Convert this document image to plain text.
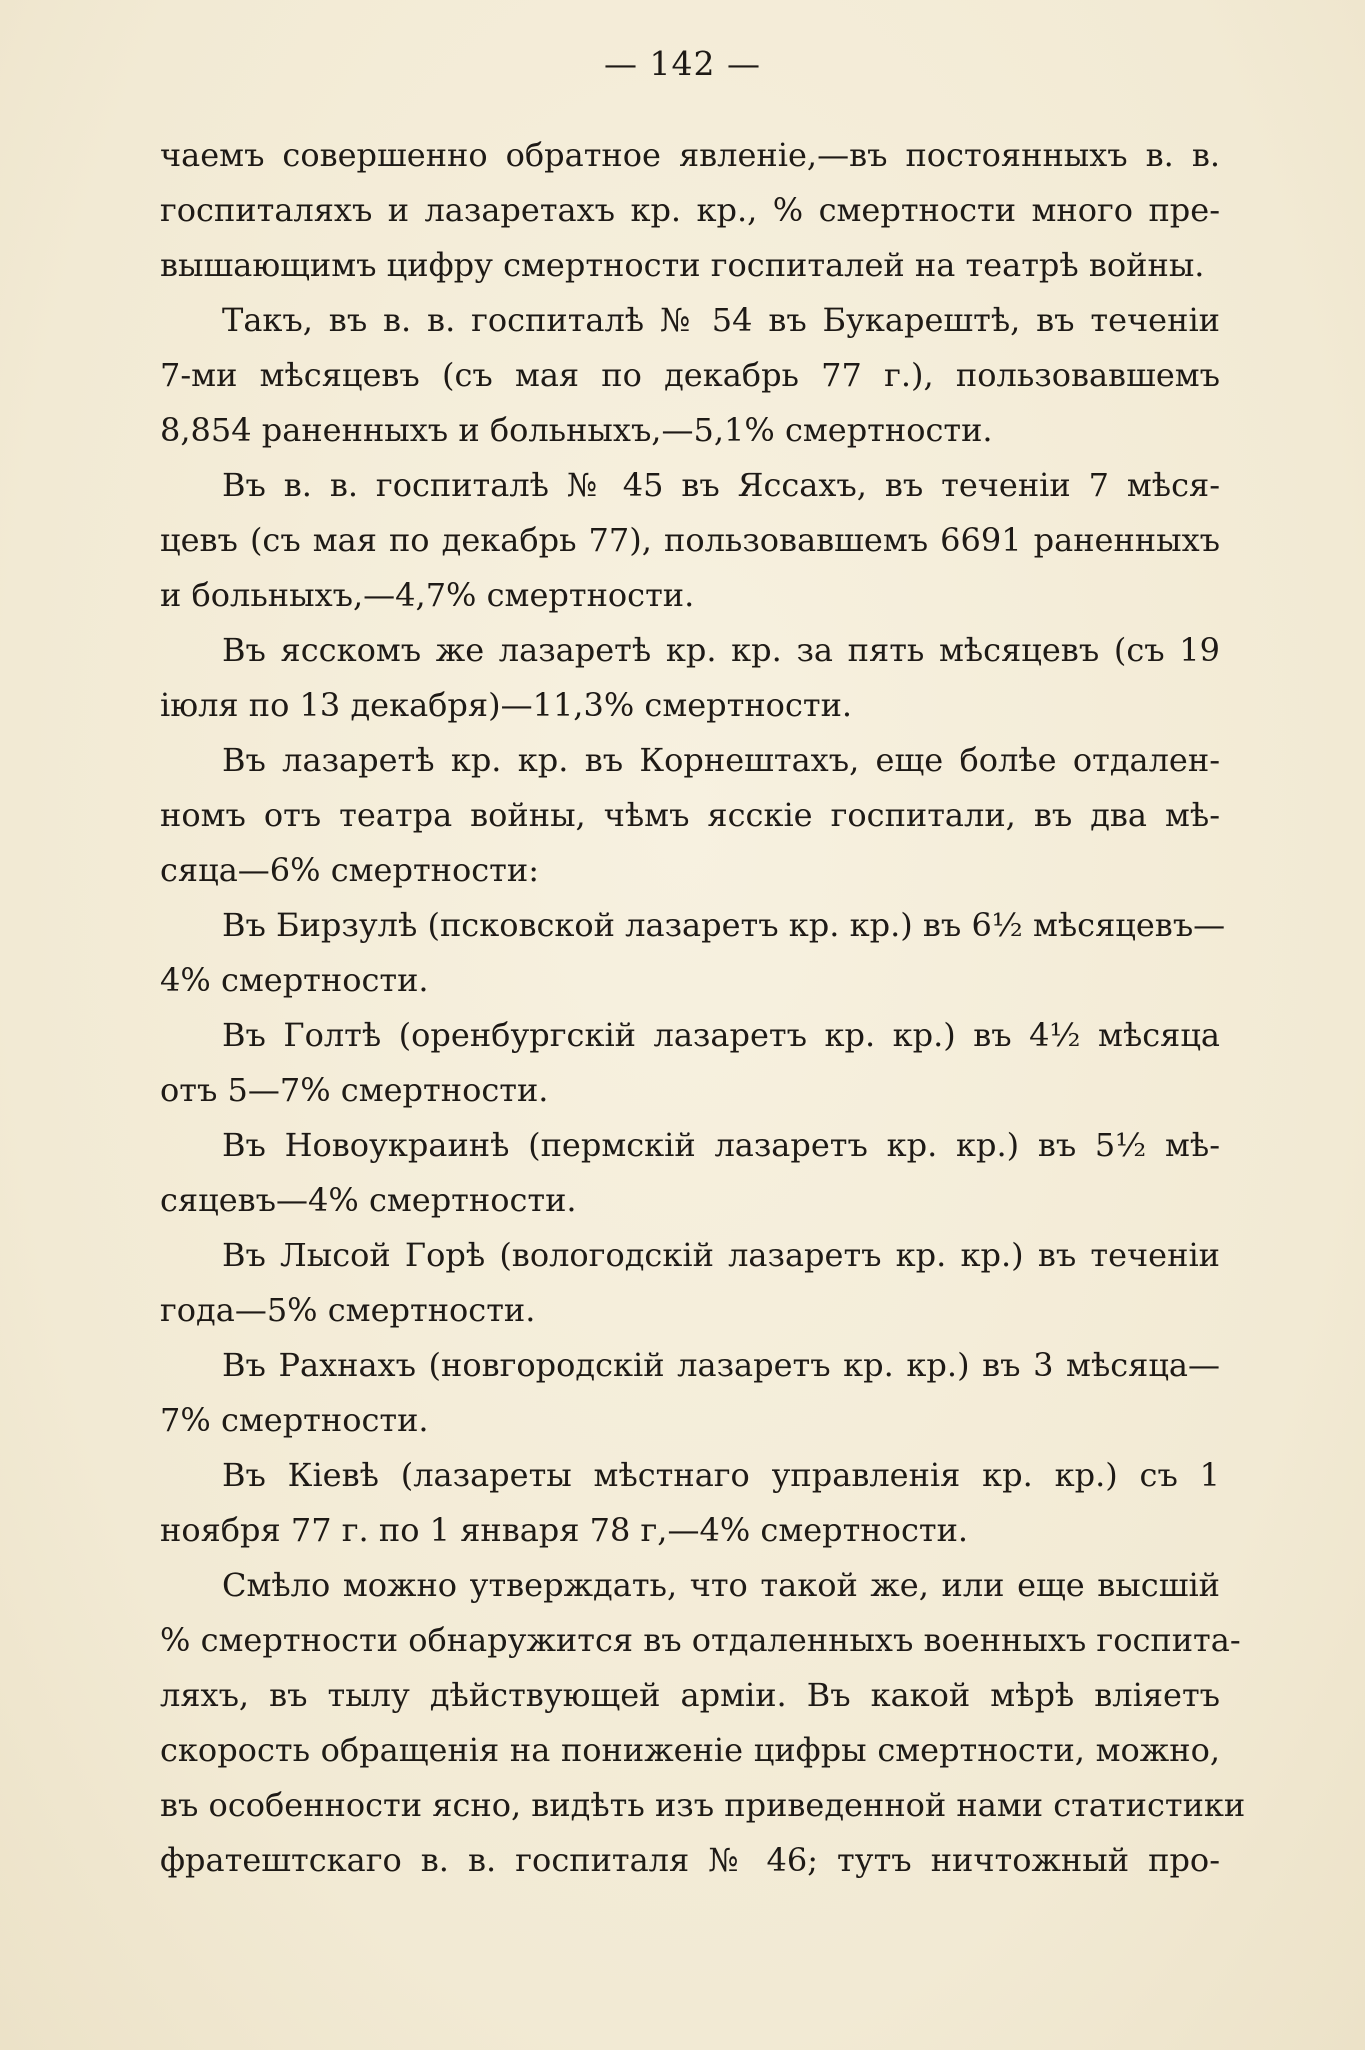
— 142 —
чаемъ совершенно обратное явленіе,—въ постоянныхъ в. в.
госпиталяхъ и лазаретахъ кр. кр., % смертности много пре-
вышающимъ цифру смертности госпиталей на театрѣ войны.
Такъ, въ в. в. госпиталѣ № 54 въ Букарештѣ, въ теченіи
7-ми мѣсяцевъ (съ мая по декабрь 77 г.), пользовавшемъ
8,854 раненныхъ и больныхъ,—5,1% смертности.
Въ в. в. госпиталѣ № 45 въ Яссахъ, въ теченіи 7 мѣся-
цевъ (съ мая по декабрь 77), пользовавшемъ 6691 раненныхъ
и больныхъ,—4,7% смертности.
Въ ясскомъ же лазаретѣ кр. кр. за пять мѣсяцевъ (съ 19
іюля по 13 декабря)—11,3% смертности.
Въ лазаретѣ кр. кр. въ Корнештахъ, еще болѣе отдален-
номъ отъ театра войны, чѣмъ ясскіе госпитали, въ два мѣ-
сяца—6% смертности:
Въ Бирзулѣ (псковской лазаретъ кр. кр.) въ 6½ мѣсяцевъ—
4% смертности.
Въ Голтѣ (оренбургскій лазаретъ кр. кр.) въ 4½ мѣсяца
отъ 5—7% смертности.
Въ Новоукраинѣ (пермскій лазаретъ кр. кр.) въ 5½ мѣ-
сяцевъ—4% смертности.
Въ Лысой Горѣ (вологодскій лазаретъ кр. кр.) въ теченіи
года—5% смертности.
Въ Рахнахъ (новгородскій лазаретъ кр. кр.) въ 3 мѣсяца—
7% смертности.
Въ Кіевѣ (лазареты мѣстнаго управленія кр. кр.) съ 1
ноября 77 г. по 1 января 78 г,—4% смертности.
Смѣло можно утверждать, что такой же, или еще высшій
% смертности обнаружится въ отдаленныхъ военныхъ госпита-
ляхъ, въ тылу дѣйствующей арміи. Въ какой мѣрѣ вліяетъ
скорость обращенія на пониженіе цифры смертности, можно,
въ особенности ясно, видѣть изъ приведенной нами статистики
фратештскаго в. в. госпиталя № 46; тутъ ничтожный про-
